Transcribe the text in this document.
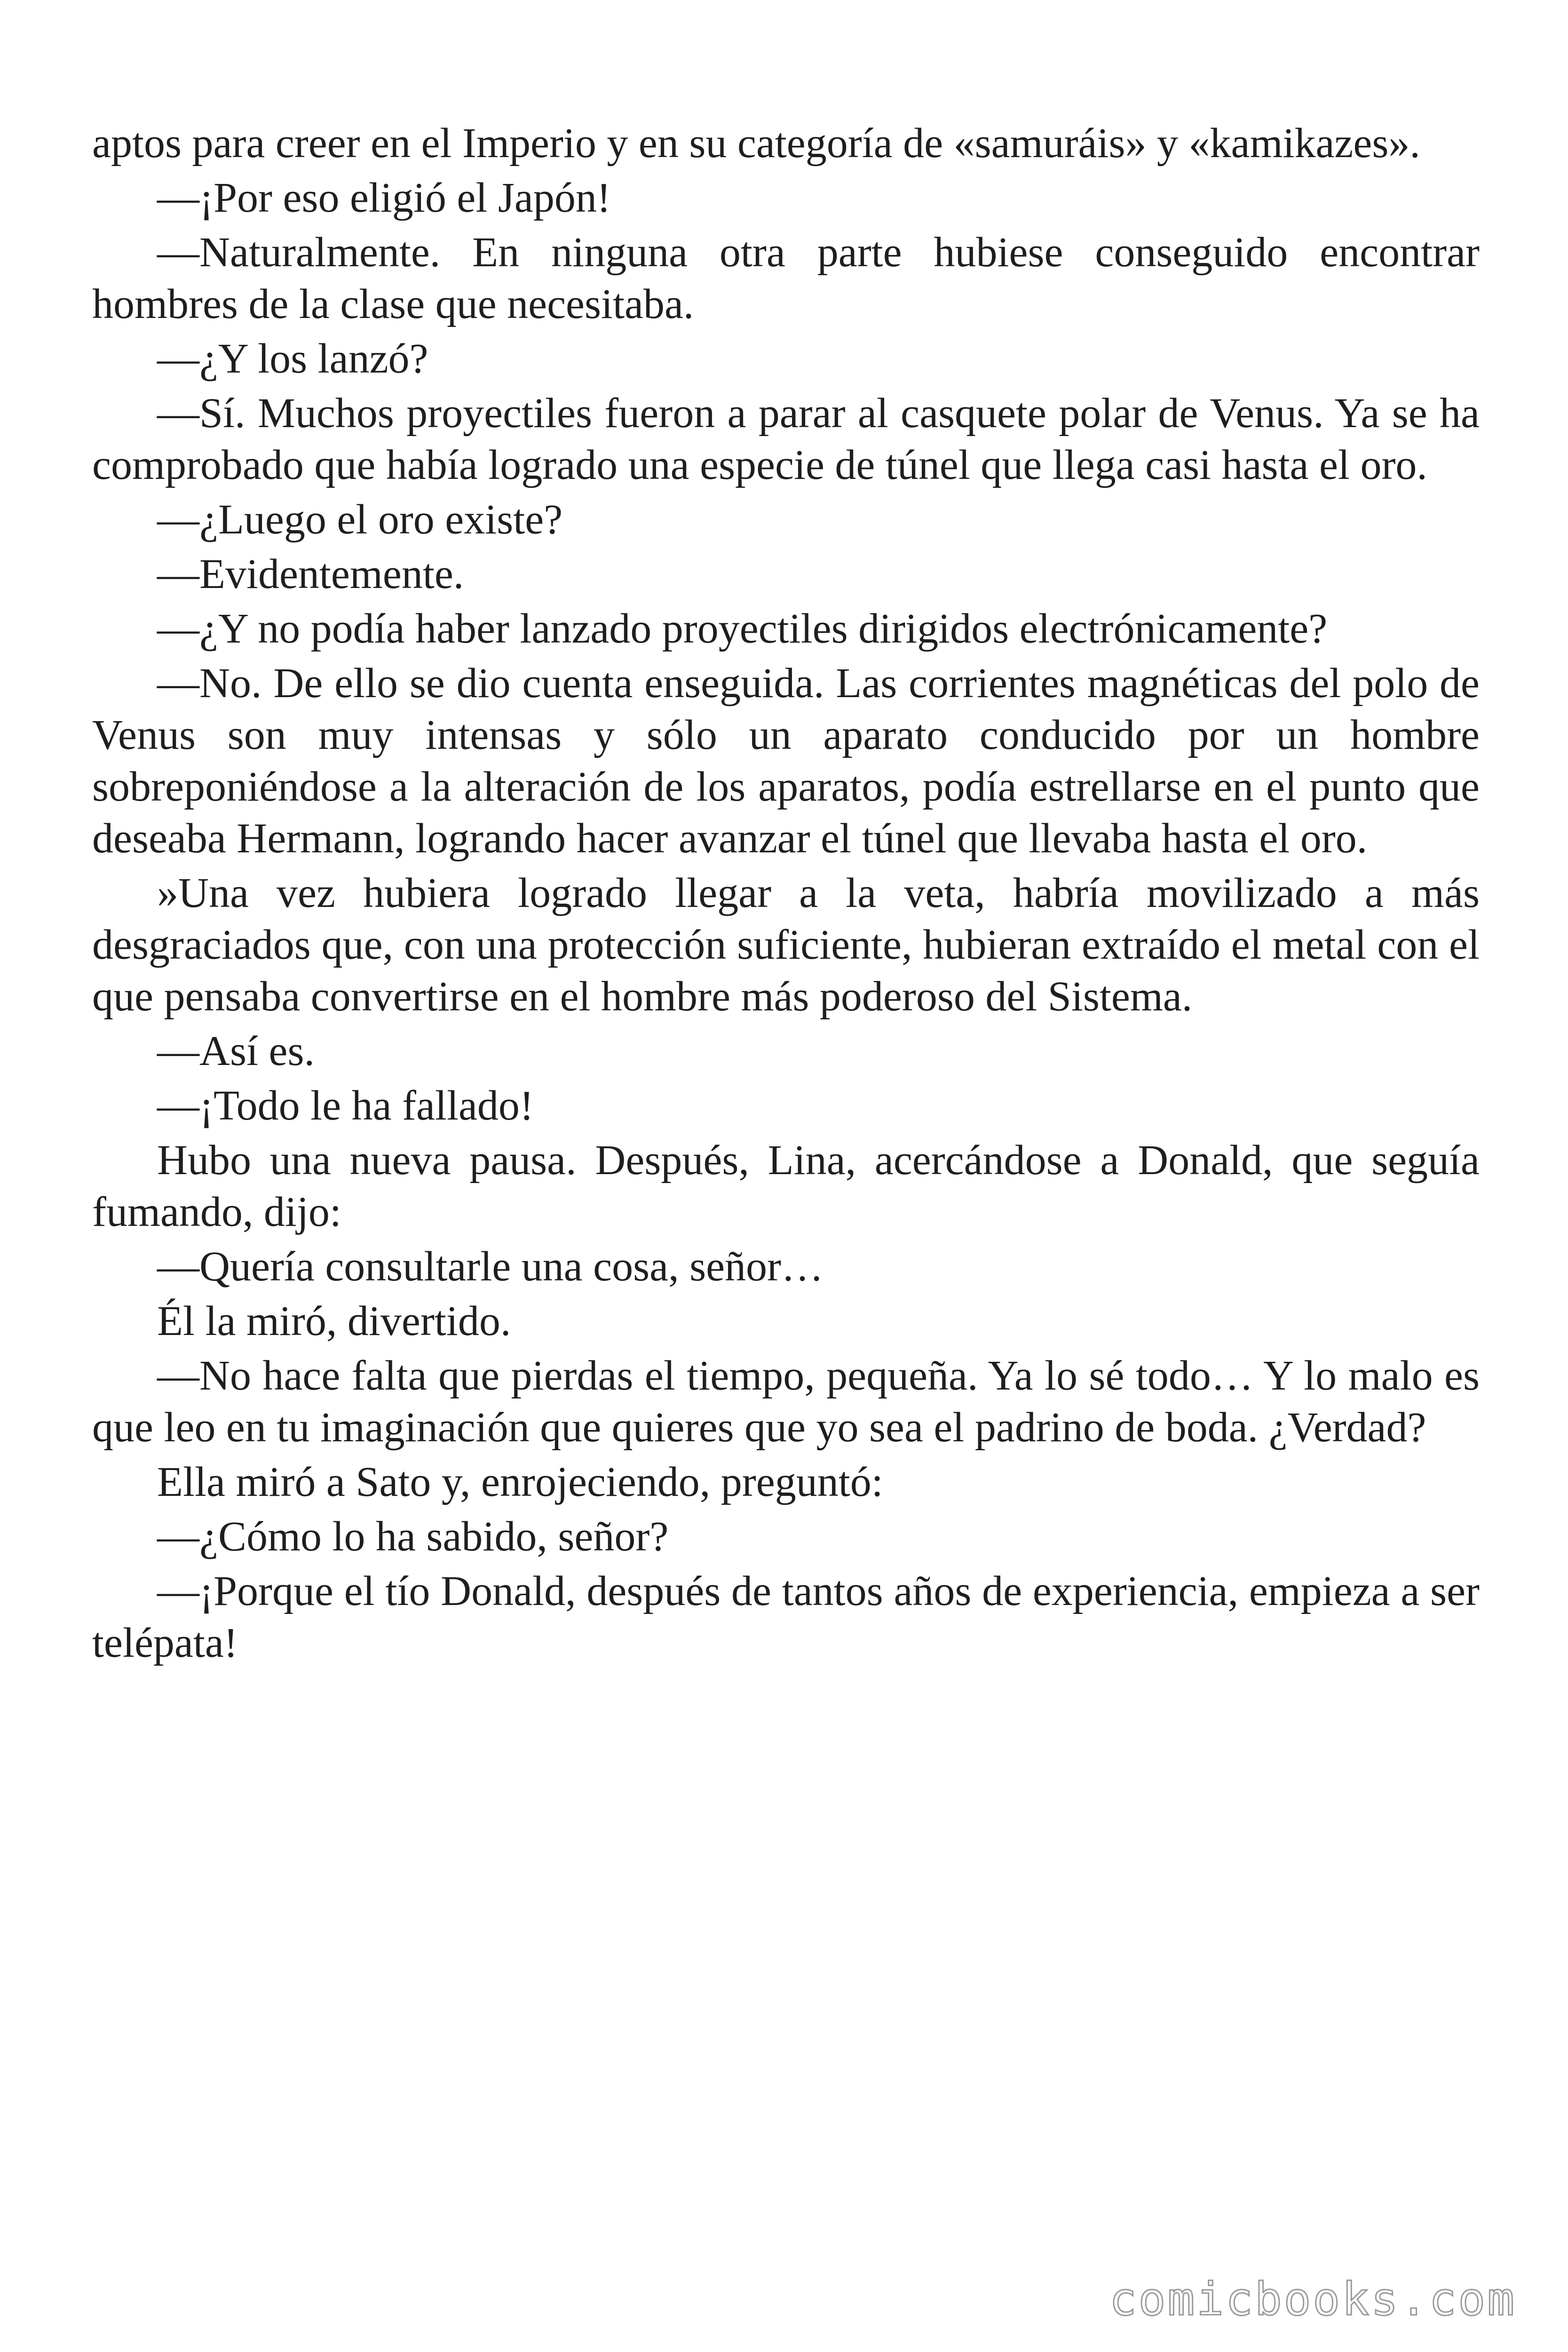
aptos para creer en el Imperio y en su categoría de «samuráis» y «kamikazes».

—¡Por eso eligió el Japón!

—Naturalmente. En ninguna otra parte hubiese conseguido encontrar hombres de la clase que necesitaba.

—¿Y los lanzó?

—Sí. Muchos proyectiles fueron a parar al casquete polar de Venus. Ya se ha comprobado que había logrado una especie de túnel que llega casi hasta el oro.

—¿Luego el oro existe?

—Evidentemente.

—¿Y no podía haber lanzado proyectiles dirigidos electrónicamente?

—No. De ello se dio cuenta enseguida. Las corrientes magnéticas del polo de Venus son muy intensas y sólo un aparato conducido por un hombre sobreponiéndose a la alteración de los aparatos, podía estrellarse en el punto que deseaba Hermann, logrando hacer avanzar el túnel que llevaba hasta el oro.

»Una vez hubiera logrado llegar a la veta, habría movilizado a más desgraciados que, con una protección suficiente, hubieran extraído el metal con el que pensaba convertirse en el hombre más poderoso del Sistema.

—Así es.

—¡Todo le ha fallado!

Hubo una nueva pausa. Después, Lina, acercándose a Donald, que seguía fumando, dijo:

—Quería consultarle una cosa, señor…

Él la miró, divertido.

—No hace falta que pierdas el tiempo, pequeña. Ya lo sé todo… Y lo malo es que leo en tu imaginación que quieres que yo sea el padrino de boda. ¿Verdad?

Ella miró a Sato y, enrojeciendo, preguntó:

—¿Cómo lo ha sabido, señor?

—¡Porque el tío Donald, después de tantos años de experiencia, empieza a ser telépata!

comicbooks.com
